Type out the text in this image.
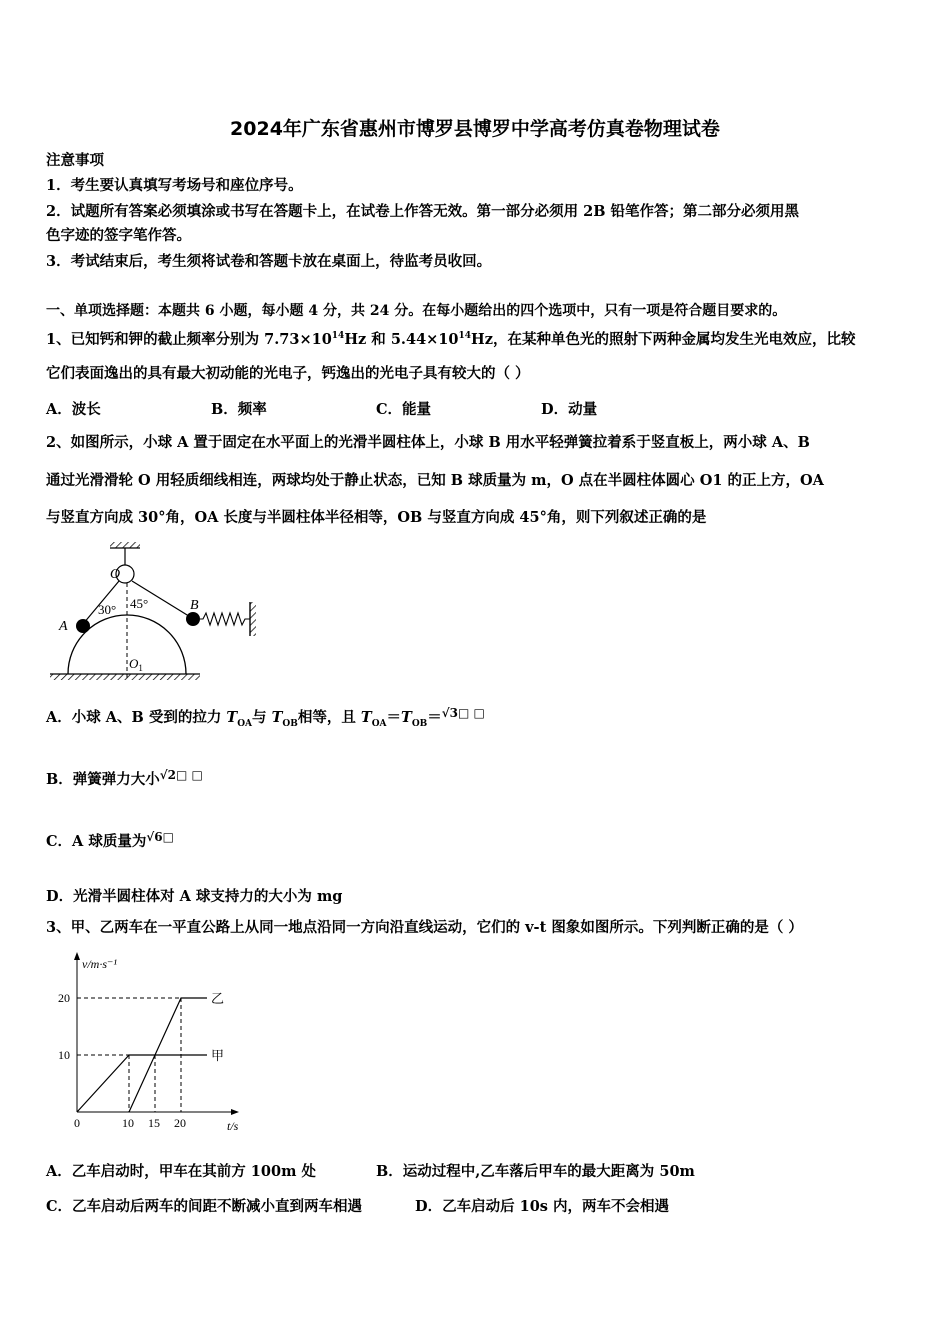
2024年广东省惠州市博罗县博罗中学高考仿真卷物理试卷
注意事项
1．考生要认真填写考场号和座位序号。
2．试题所有答案必须填涂或书写在答题卡上，在试卷上作答无效。第一部分必须用 2B 铅笔作答；第二部分必须用黑
色字迹的签字笔作答。
3．考试结束后，考生须将试卷和答题卡放在桌面上，待监考员收回。
一、单项选择题：本题共 6 小题，每小题 4 分，共 24 分。在每小题给出的四个选项中，只有一项是符合题目要求的。
1、已知钙和钾的截止频率分别为 $7.73\times 10^{14}Hz$ 和 $5.44\times 10^{14}Hz$，在某种单色光的照射下两种金属均发生光电效应，比较
它们表面逸出的具有最大初动能的光电子，钙逸出的光电子具有较大的（ ）
A．波长	B．频率	C．能量	D．动量
2、如图所示，小球 A 置于固定在水平面上的光滑半圆柱体上，小球 B 用水平轻弹簧拉着系于竖直板上，两小球 A、B
通过光滑滑轮 O 用轻质细线相连，两球均处于静止状态，已知 B 球质量为 m，O 点在半圆柱体圆心 O1 的正上方，OA
与竖直方向成 30°角，OA 长度与半圆柱体半径相等，OB 与竖直方向成 45°角，则下列叙述正确的是
O
30° 45°
A
B
$O_1$
A．小球 A、B 受到的拉力 $T_{OA}$与 $T_{OB}$相等，且 $T_{OA}=T_{OB}=^{√3□ □}$
B．弹簧弹力大小$^{√2□ □}$
C．A 球质量为$^{√6□}$
D．光滑半圆柱体对 A 球支持力的大小为 mg
3、甲、乙两车在一平直公路上从同一地点沿同一方向沿直线运动，它们的 v-t 图象如图所示。下列判断正确的是（ ）
v/m·s⁻¹
t/s
0	10 15 20
10
20
甲
乙
A．乙车启动时，甲车在其前方 100m 处	B．运动过程中,乙车落后甲车的最大距离为 50m
C．乙车启动后两车的间距不断减小直到两车相遇	D．乙车启动后 10s 内，两车不会相遇
